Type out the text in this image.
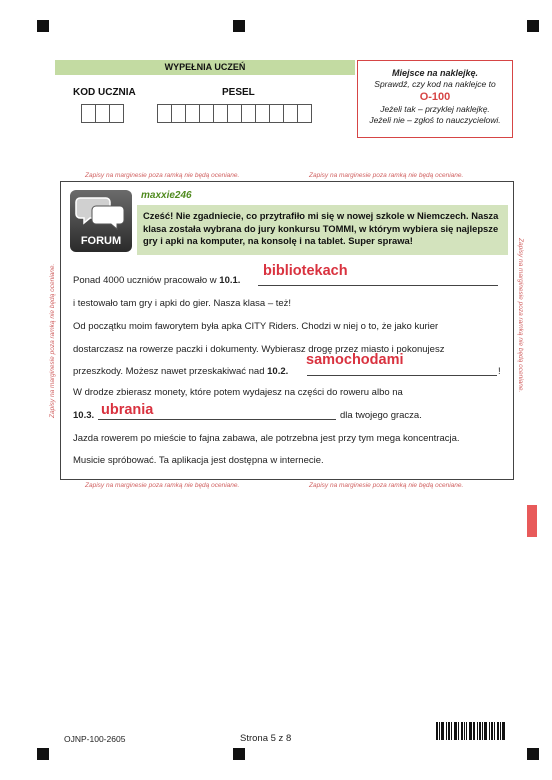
WYPEŁNIA UCZEŃ
KOD UCZNIA	PESEL
Miejsce na naklejkę.
Sprawdź, czy kod na naklejce to
O-100
Jeżeli tak – przyklej naklejkę.
Jeżeli nie – zgłoś to nauczycielowi.
Zapisy na marginesie poza ramką nie będą oceniane.	Zapisy na marginesie poza ramką nie będą oceniane.
Zapisy na marginesie poza ramką nie będą oceniane.	Zapisy na marginesie poza ramką nie będą oceniane.
Zapisy na marginesie poza ramką nie będą oceniane.	Zapisy na marginesie poza ramką nie będą oceniane.
FORUM
maxxie246
Cześć! Nie zgadniecie, co przytrafiło mi się w nowej szkole w Niemczech. Nasza klasa została wybrana do jury konkursu TOMMI, w którym wybiera się najlepsze gry i apki na komputer, na konsolę i na tablet. Super sprawa!
Ponad 4000 uczniów pracowało w 10.1.
bibliotekach
i testowało tam gry i apki do gier. Nasza klasa – też!
Od początku moim faworytem była apka CITY Riders. Chodzi w niej o to, że jako kurier
dostarczasz na rowerze paczki i dokumenty. Wybierasz drogę przez miasto i pokonujesz
przeszkody. Możesz nawet przeskakiwać nad 10.2.	!
samochodami
W drodze zbierasz monety, które potem wydajesz na części do roweru albo na
10.3. ubrania	dla twojego gracza.
Jazda rowerem po mieście to fajna zabawa, ale potrzebna jest przy tym mega koncentracja.
Musicie spróbować. Ta aplikacja jest dostępna w internecie.
OJNP-100-2605	Strona 5 z 8
